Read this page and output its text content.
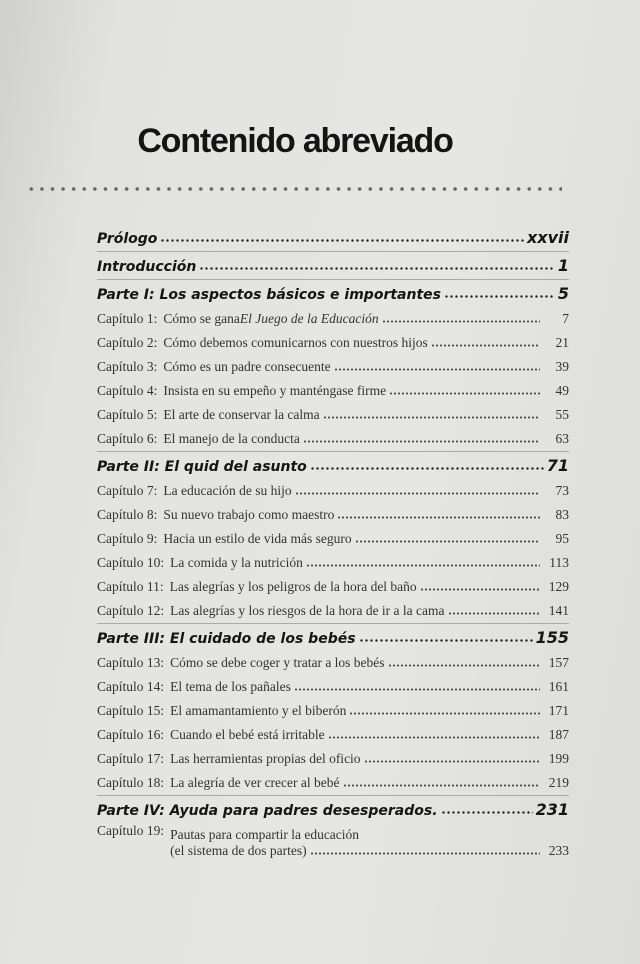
Contenido abreviado
Prólogo	xxvii
Introducción	1
Parte I: Los aspectos básicos e importantes	5
Capítulo 1: Cómo se gana El Juego de la Educación	7
Capítulo 2: Cómo debemos comunicarnos con nuestros hijos	21
Capítulo 3: Cómo es un padre consecuente	39
Capítulo 4: Insista en su empeño y manténgase firme	49
Capítulo 5: El arte de conservar la calma	55
Capítulo 6: El manejo de la conducta	63
Parte II: El quid del asunto	71
Capítulo 7: La educación de su hijo	73
Capítulo 8: Su nuevo trabajo como maestro	83
Capítulo 9: Hacia un estilo de vida más seguro	95
Capítulo 10: La comida y la nutrición	113
Capítulo 11: Las alegrías y los peligros de la hora del baño	129
Capítulo 12: Las alegrías y los riesgos de la hora de ir a la cama	141
Parte III: El cuidado de los bebés	155
Capítulo 13: Cómo se debe coger y tratar a los bebés	157
Capítulo 14: El tema de los pañales	161
Capítulo 15: El amamantamiento y el biberón	171
Capítulo 16: Cuando el bebé está irritable	187
Capítulo 17: Las herramientas propias del oficio	199
Capítulo 18: La alegría de ver crecer al bebé	219
Parte IV: Ayuda para padres desesperados.	231
Capítulo 19: Pautas para compartir la educación
(el sistema de dos partes)	233
